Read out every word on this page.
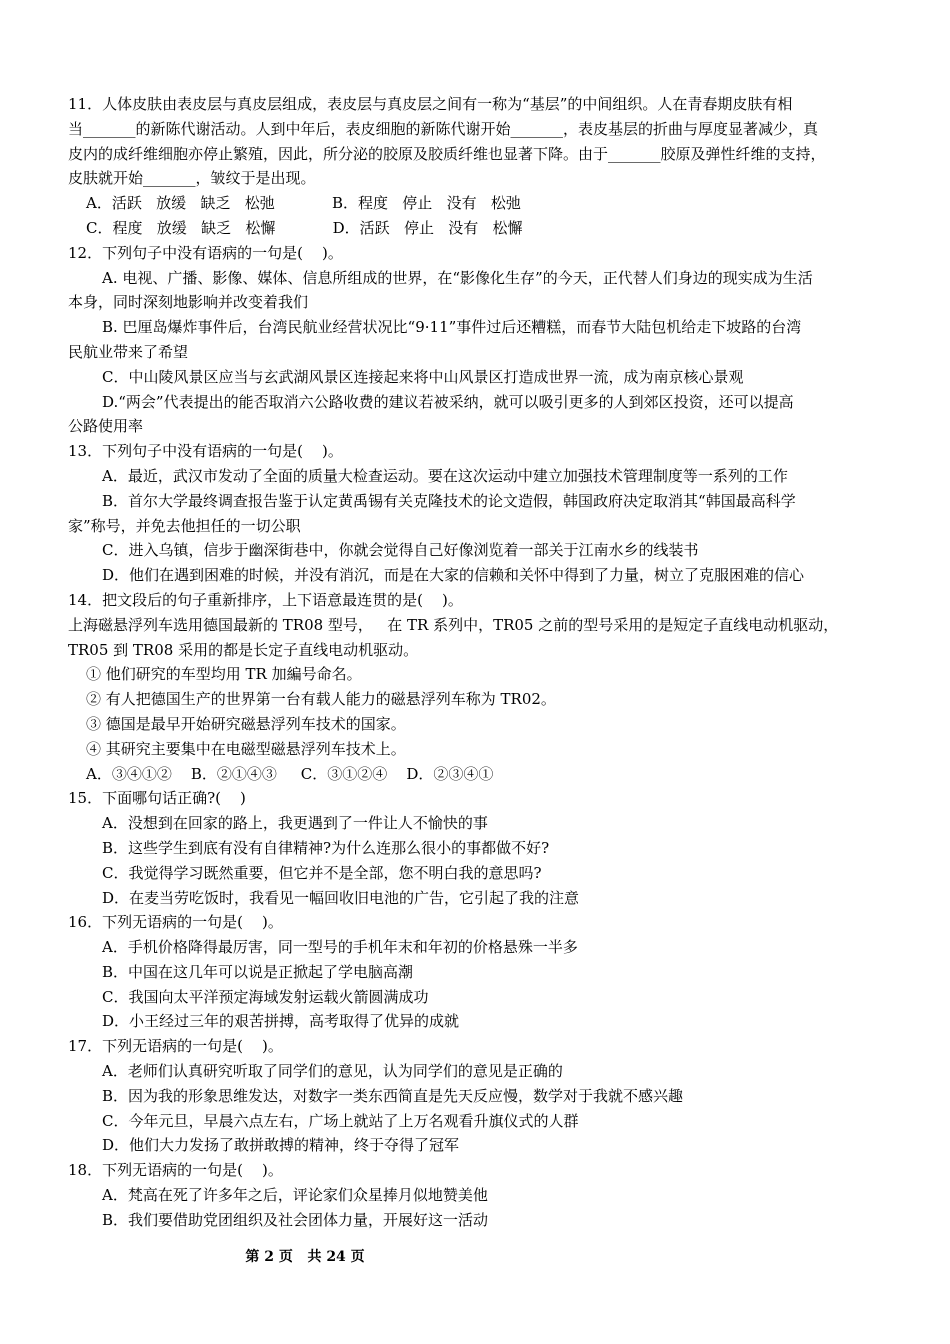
11．人体皮肤由表皮层与真皮层组成，表皮层与真皮层之间有一称为“基层”的中间组织。人在青春期皮肤有相
当_______的新陈代谢活动。人到中年后，表皮细胞的新陈代谢开始_______，表皮基层的折曲与厚度显著减少，真
皮内的成纤维细胞亦停止繁殖，因此，所分泌的胶原及胶质纤维也显著下降。由于_______胶原及弹性纤维的支持，
皮肤就开始_______，皱纹于是出现。
A．活跃   放缓   缺乏   松弛            B．程度   停止   没有   松弛
C．程度   放缓   缺乏   松懈            D．活跃   停止   没有   松懈
12．下列句子中没有语病的一句是(    )。
A. 电视、广播、影像、媒体、信息所组成的世界，在“影像化生存”的今天，正代替人们身边的现实成为生活
本身，同时深刻地影响并改变着我们
B. 巴厘岛爆炸事件后，台湾民航业经营状况比“9·11”事件过后还糟糕，而春节大陆包机给走下坡路的台湾
民航业带来了希望
C．中山陵风景区应当与玄武湖风景区连接起来将中山风景区打造成世界一流，成为南京核心景观
D.“两会”代表提出的能否取消六公路收费的建议若被采纳，就可以吸引更多的人到郊区投资，还可以提高
公路使用率
13．下列句子中没有语病的一句是(    )。
A．最近，武汉市发动了全面的质量大检查运动。要在这次运动中建立加强技术管理制度等一系列的工作
B．首尔大学最终调查报告鉴于认定黄禹锡有关克隆技术的论文造假，韩国政府决定取消其“韩国最高科学
家”称号，并免去他担任的一切公职
C．进入乌镇，信步于幽深街巷中，你就会觉得自己好像浏览着一部关于江南水乡的线装书
D．他们在遇到困难的时候，并没有消沉，而是在大家的信赖和关怀中得到了力量，树立了克服困难的信心
14．把文段后的句子重新排序，上下语意最连贯的是(    )。
上海磁悬浮列车选用德国最新的 TR08 型号，   在 TR 系列中，TR05 之前的型号采用的是短定子直线电动机驱动，
TR05 到 TR08 采用的都是长定子直线电动机驱动。
① 他们研究的车型均用 TR 加編号命名。
② 有人把德国生产的世界第一台有载人能力的磁悬浮列车称为 TR02。
③ 德国是最早开始研究磁悬浮列车技术的国家。
④ 其研究主要集中在电磁型磁悬浮列车技术上。
A．③④①②    B．②①④③     C．③①②④    D．②③④①
15．下面哪句话正确?(    )
A．没想到在回家的路上，我更遇到了一件让人不愉快的事
B．这些学生到底有没有自律精神?为什么连那么很小的事都做不好?
C．我觉得学习既然重要，但它并不是全部，您不明白我的意思吗?
D．在麦当劳吃饭时，我看见一幅回收旧电池的广告，它引起了我的注意
16．下列无语病的一句是(    )。
A．手机价格降得最厉害，同一型号的手机年末和年初的价格悬殊一半多
B．中国在这几年可以说是正掀起了学电脑高潮
C．我国向太平洋预定海域发射运载火箭圆满成功
D．小王经过三年的艰苦拼搏，高考取得了优异的成就
17．下列无语病的一句是(    )。
A．老师们认真研究听取了同学们的意见，认为同学们的意见是正确的
B．因为我的形象思维发达，对数字一类东西简直是先天反应慢，数学对于我就不感兴趣
C．今年元旦，早晨六点左右，广场上就站了上万名观看升旗仪式的人群
D．他们大力发扬了敢拼敢搏的精神，终于夺得了冠军
18．下列无语病的一句是(    )。
A．梵高在死了许多年之后，评论家们众星捧月似地赞美他
B．我们要借助党团组织及社会团体力量，开展好这一活动
第 2 页   共 24 页
